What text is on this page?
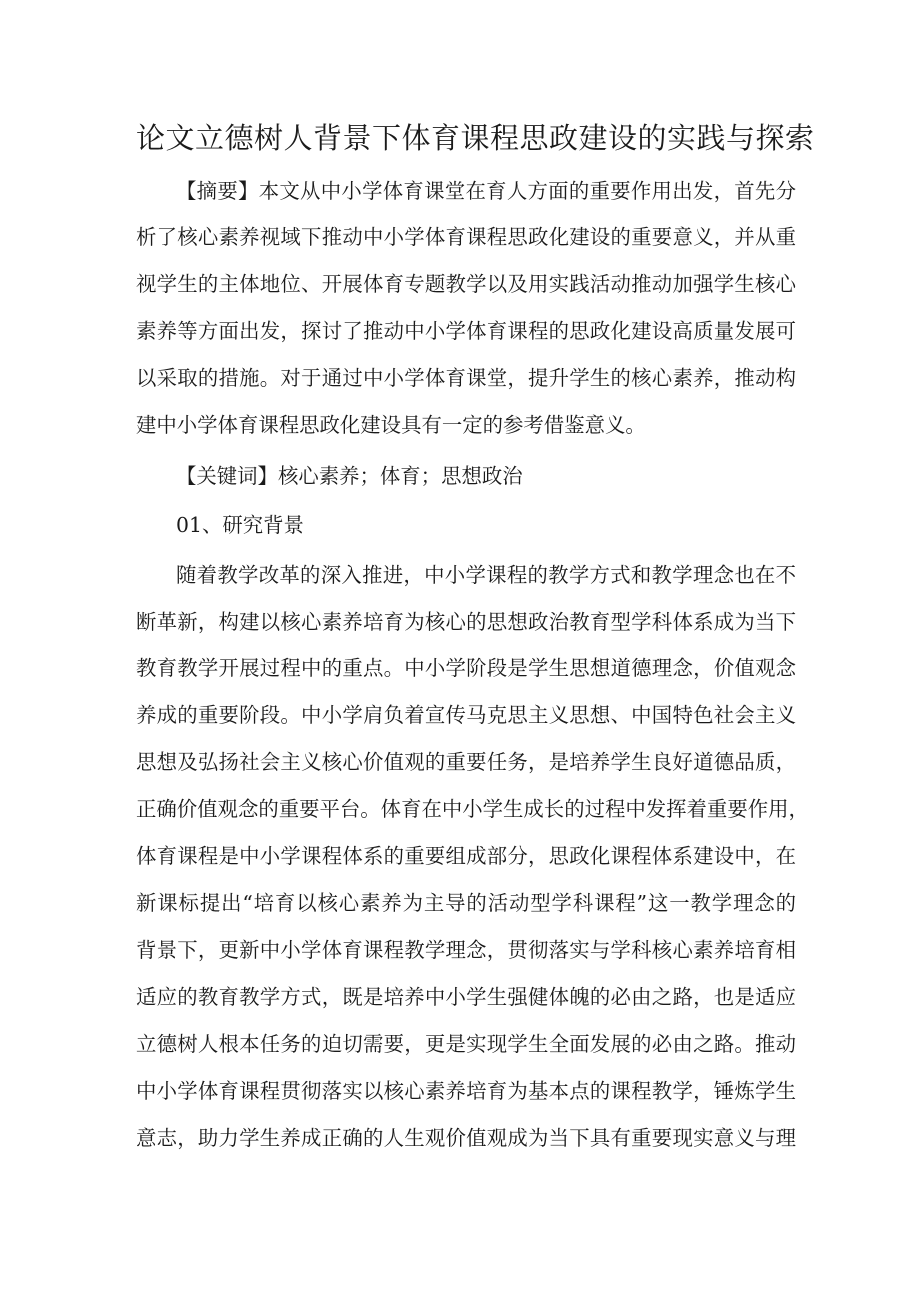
论文立德树人背景下体育课程思政建设的实践与探索

【摘要】本文从中小学体育课堂在育人方面的重要作用出发，首先分

析了核心素养视域下推动中小学体育课程思政化建设的重要意义，并从重

视学生的主体地位、开展体育专题教学以及用实践活动推动加强学生核心

素养等方面出发，探讨了推动中小学体育课程的思政化建设高质量发展可

以采取的措施。对于通过中小学体育课堂，提升学生的核心素养，推动构

建中小学体育课程思政化建设具有一定的参考借鉴意义。

【关键词】核心素养；体育；思想政治

01、研究背景

随着教学改革的深入推进，中小学课程的教学方式和教学理念也在不

断革新，构建以核心素养培育为核心的思想政治教育型学科体系成为当下

教育教学开展过程中的重点。中小学阶段是学生思想道德理念，价值观念

养成的重要阶段。中小学肩负着宣传马克思主义思想、中国特色社会主义

思想及弘扬社会主义核心价值观的重要任务，是培养学生良好道德品质，

正确价值观念的重要平台。体育在中小学生成长的过程中发挥着重要作用，

体育课程是中小学课程体系的重要组成部分，思政化课程体系建设中，在

新课标提出“培育以核心素养为主导的活动型学科课程”这一教学理念的

背景下，更新中小学体育课程教学理念，贯彻落实与学科核心素养培育相

适应的教育教学方式，既是培养中小学生强健体魄的必由之路，也是适应

立德树人根本任务的迫切需要，更是实现学生全面发展的必由之路。推动

中小学体育课程贯彻落实以核心素养培育为基本点的课程教学，锤炼学生

意志，助力学生养成正确的人生观价值观成为当下具有重要现实意义与理
